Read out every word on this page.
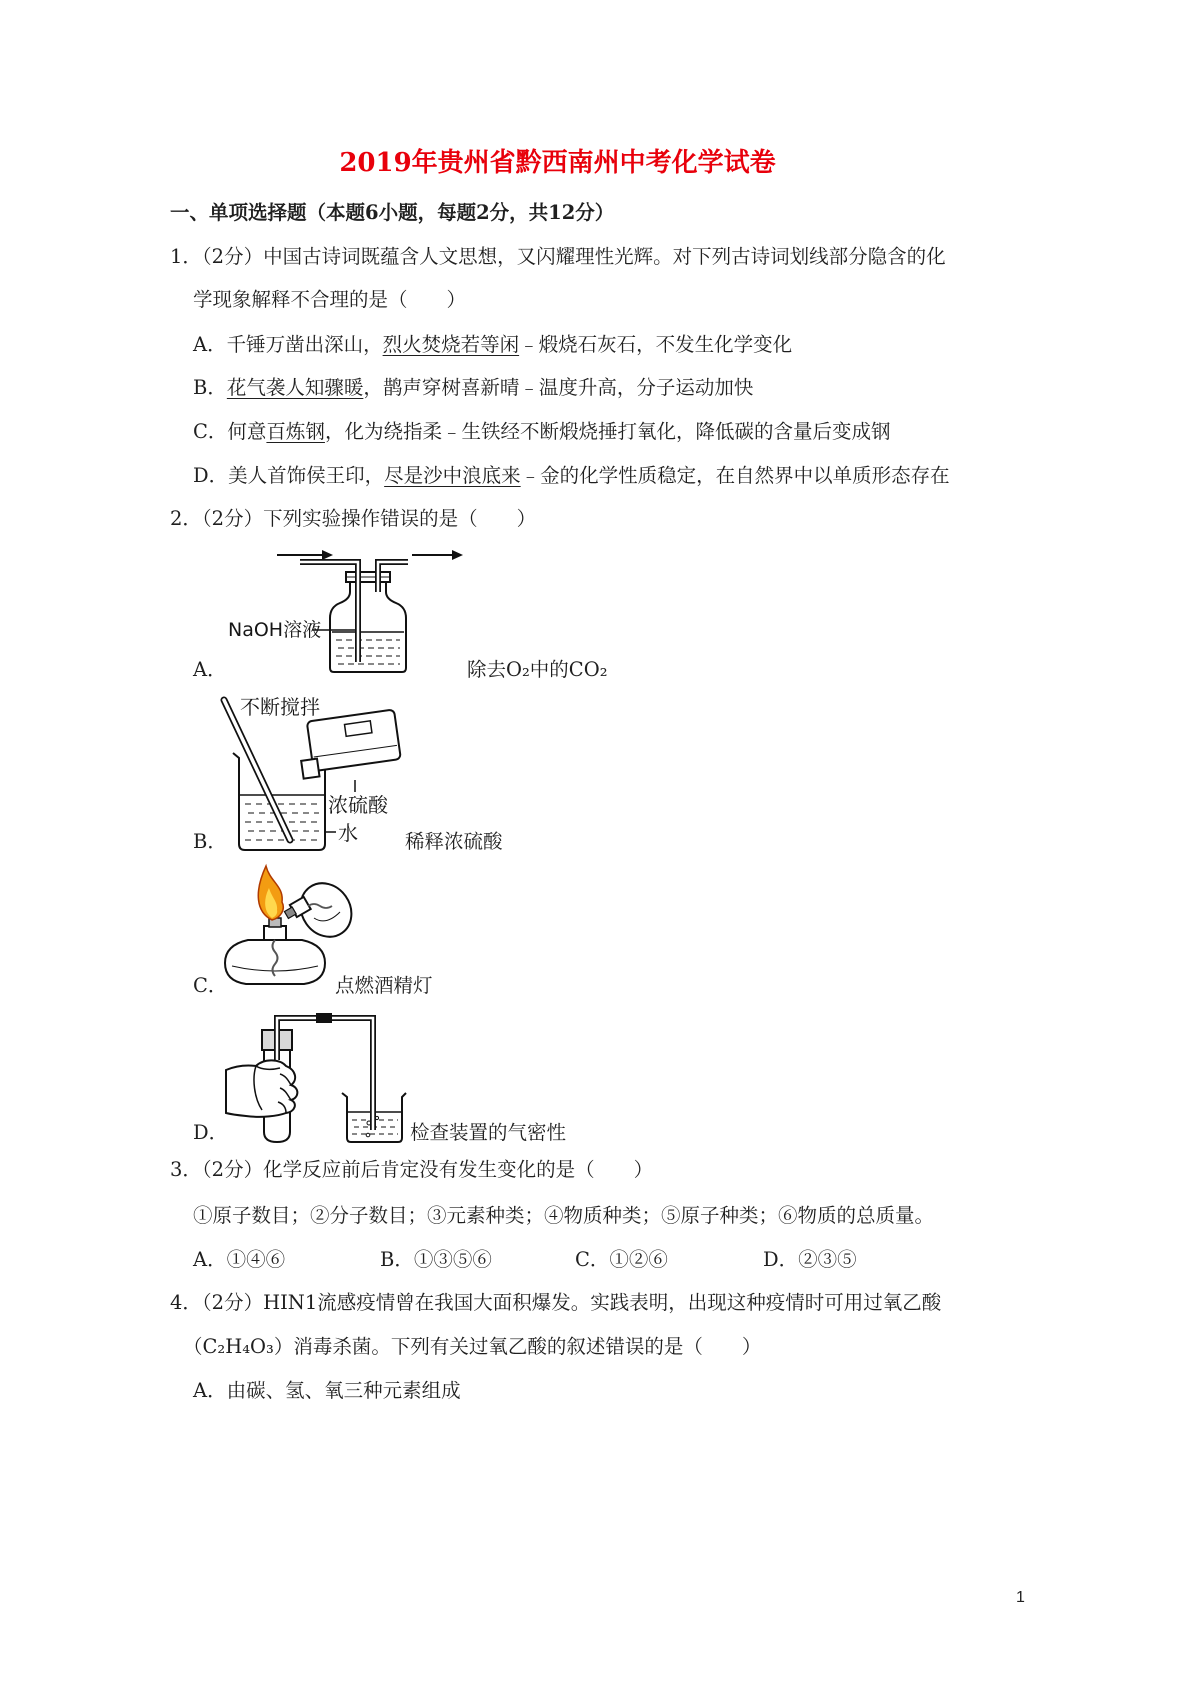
2019年贵州省黔西南州中考化学试卷
一、单项选择题（本题6小题，每题2分，共12分）
1．（2分）中国古诗词既蕴含人文思想，又闪耀理性光辉。对下列古诗词划线部分隐含的化
学现象解释不合理的是（　　）
A．千锤万凿出深山，烈火焚烧若等闲﹣煅烧石灰石，不发生化学变化
B．花气袭人知骤暖，鹊声穿树喜新晴﹣温度升高，分子运动加快
C．何意百炼钢，化为绕指柔﹣生铁经不断煅烧捶打氧化，降低碳的含量后变成钢
D．美人首饰侯王印，尽是沙中浪底来﹣金的化学性质稳定，在自然界中以单质形态存在
2．（2分）下列实验操作错误的是（　　）
NaOH溶液
A．	除去O₂中的CO₂
不断搅拌
浓硫酸
水
B．	稀释浓硫酸
C．	点燃酒精灯
D．	检查装置的气密性
3．（2分）化学反应前后肯定没有发生变化的是（　　）
①原子数目；②分子数目；③元素种类；④物质种类；⑤原子种类；⑥物质的总质量。
A．①④⑥	B．①③⑤⑥	C．①②⑥	D．②③⑤
4．（2分）HIN1流感疫情曾在我国大面积爆发。实践表明，出现这种疫情时可用过氧乙酸
（C₂H₄O₃）消毒杀菌。下列有关过氧乙酸的叙述错误的是（　　）
A．由碳、氢、氧三种元素组成
1
